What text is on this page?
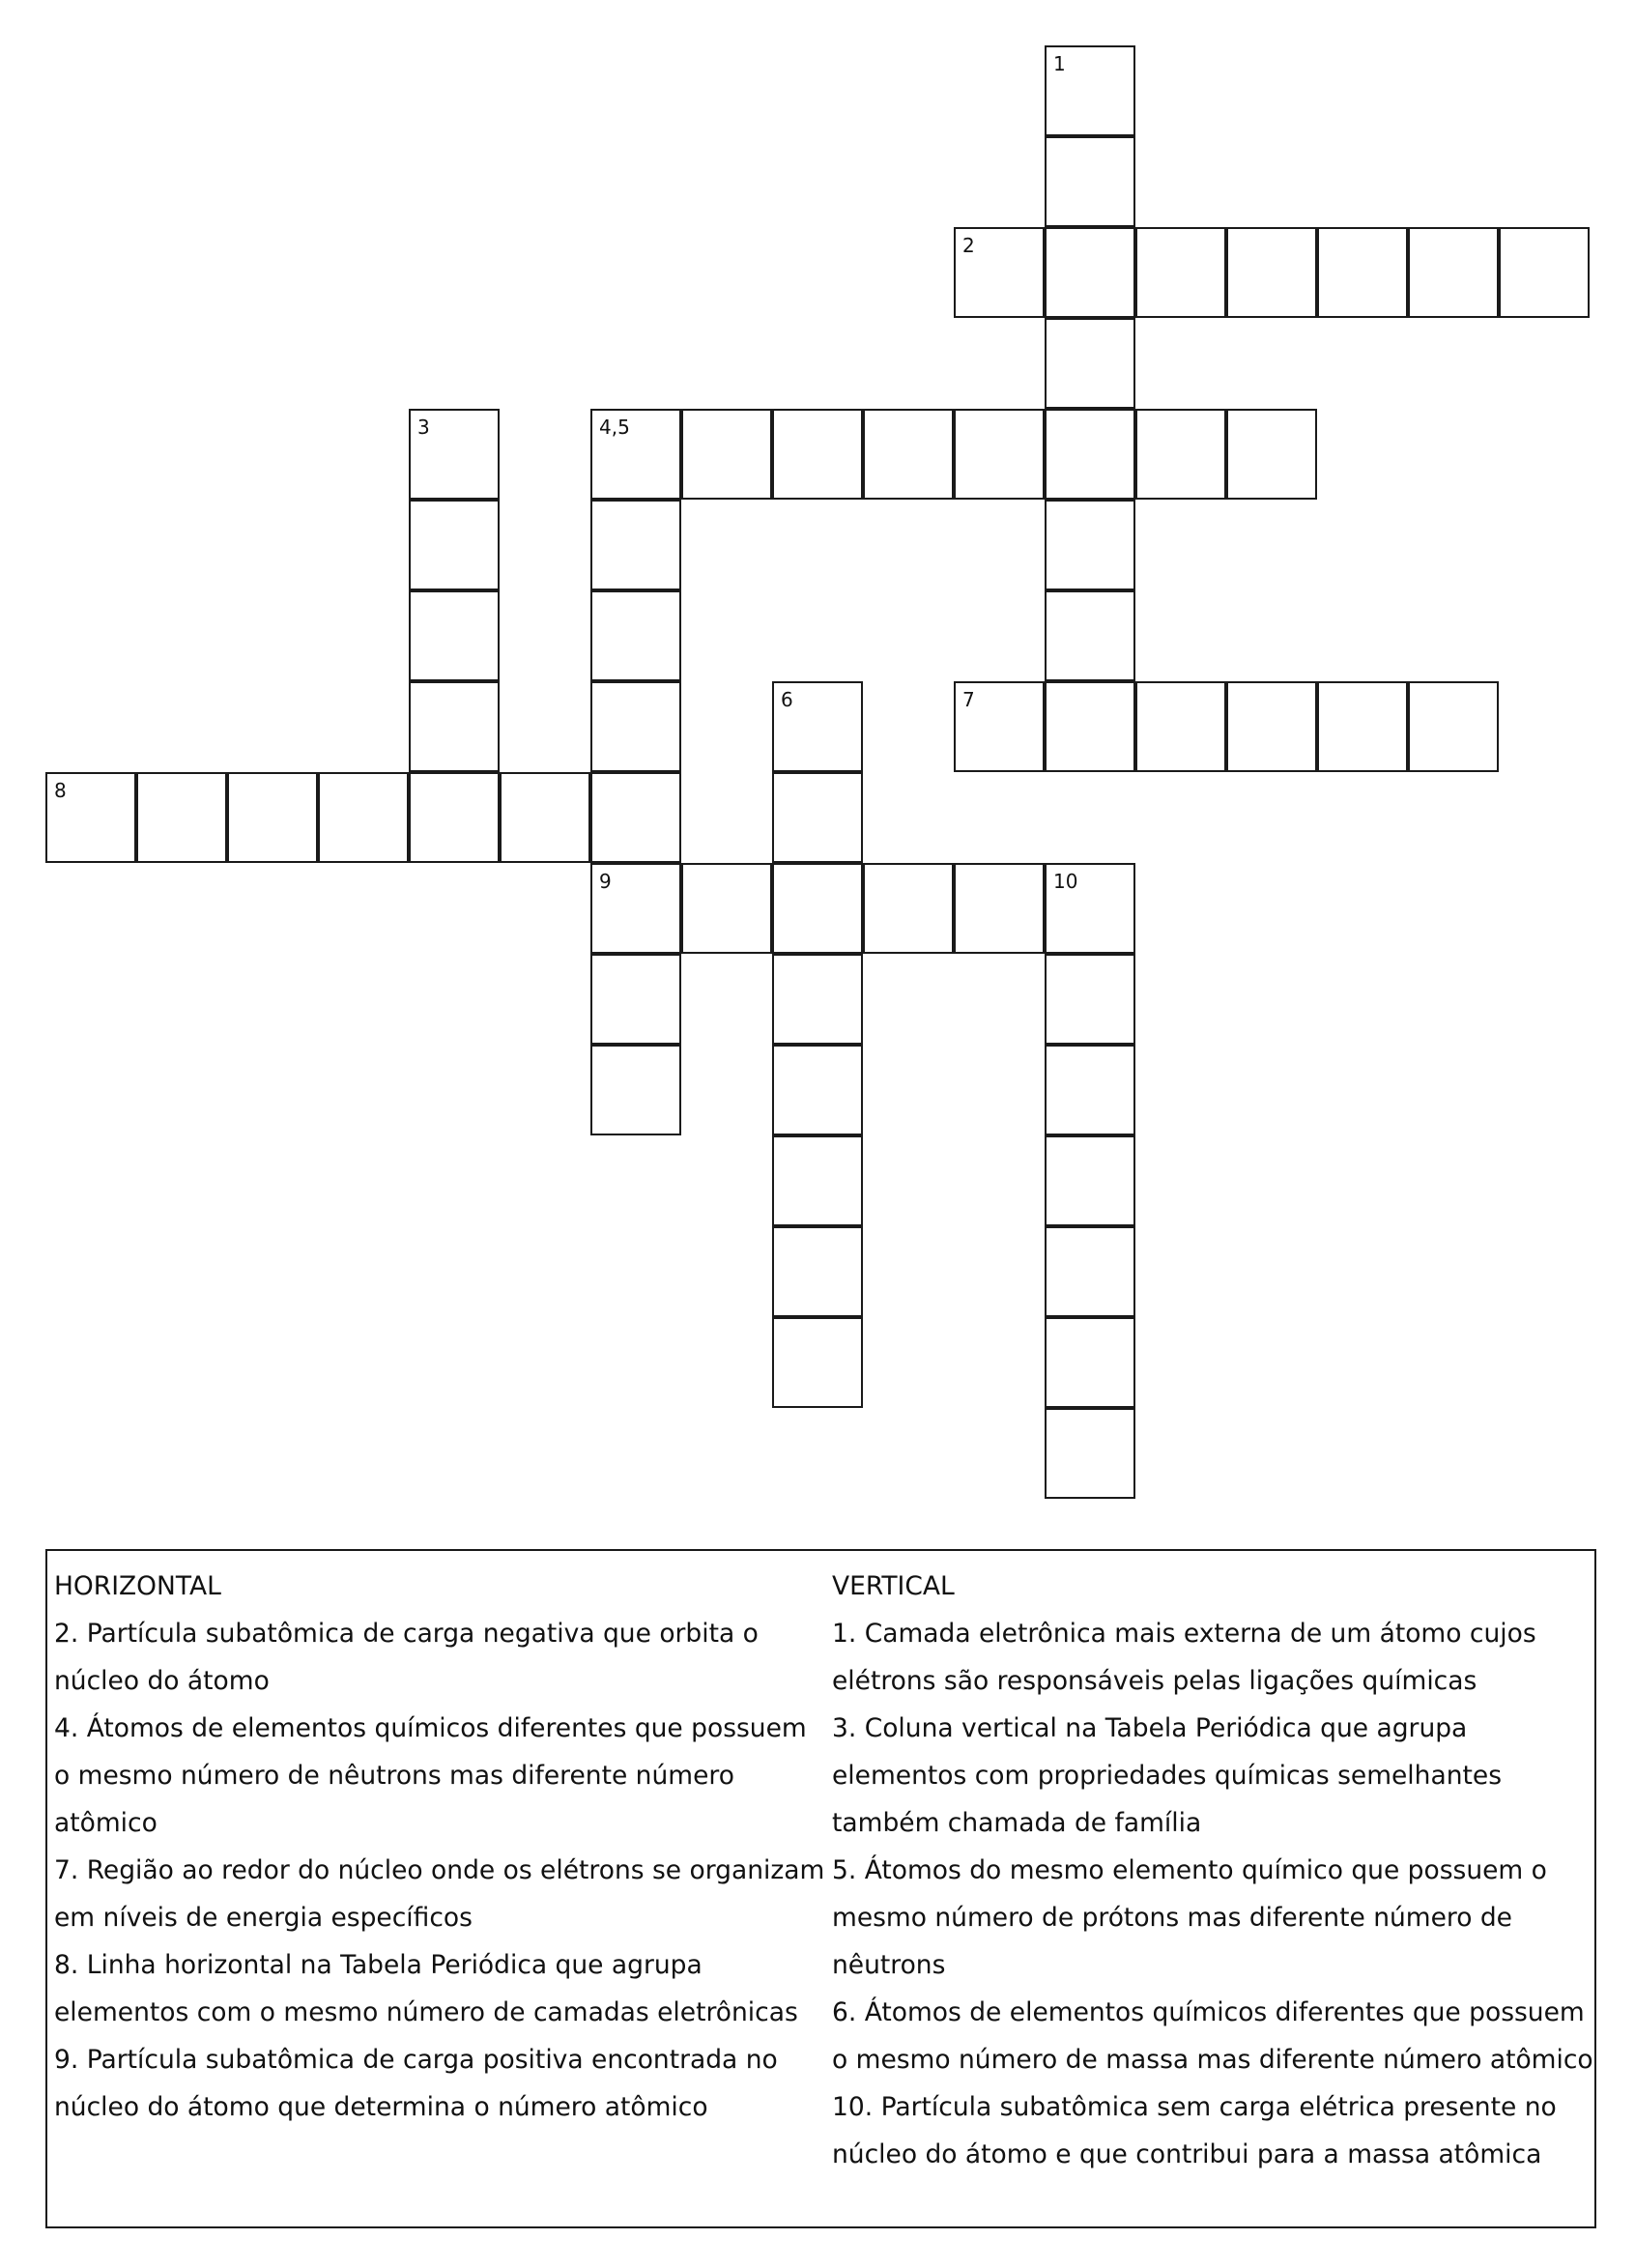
1
2
3	4,5
6	7
8
9	10
HORIZONTAL
2. Partícula subatômica de carga negativa que orbita o núcleo do átomo
4. Átomos de elementos químicos diferentes que possuem o mesmo número de nêutrons mas diferente número atômico
7. Região ao redor do núcleo onde os elétrons se organizam em níveis de energia específicos
8. Linha horizontal na Tabela Periódica que agrupa elementos com o mesmo número de camadas eletrônicas
9. Partícula subatômica de carga positiva encontrada no núcleo do átomo que determina o número atômico
VERTICAL
1. Camada eletrônica mais externa de um átomo cujos elétrons são responsáveis pelas ligações químicas
3. Coluna vertical na Tabela Periódica que agrupa elementos com propriedades químicas semelhantes também chamada de família
5. Átomos do mesmo elemento químico que possuem o mesmo número de prótons mas diferente número de nêutrons
6. Átomos de elementos químicos diferentes que possuem o mesmo número de massa mas diferente número atômico
10. Partícula subatômica sem carga elétrica presente no núcleo do átomo e que contribui para a massa atômica
